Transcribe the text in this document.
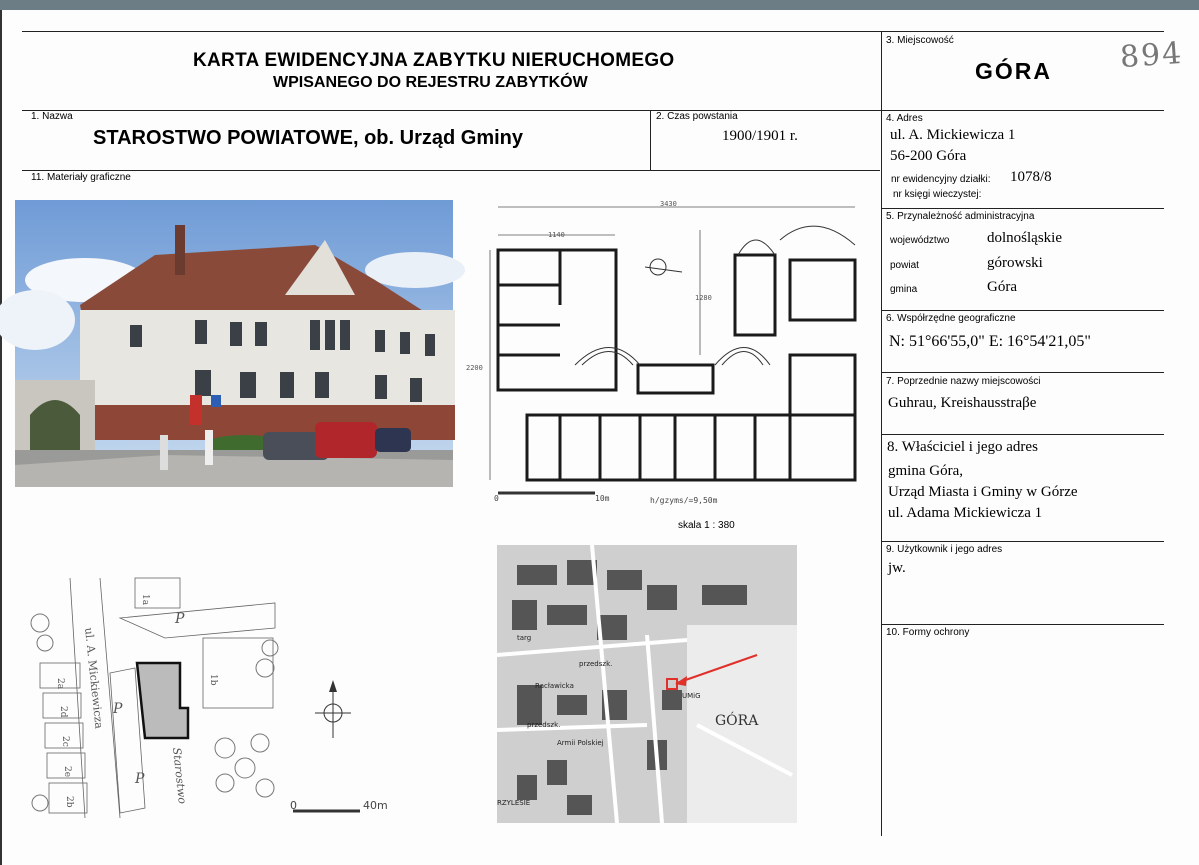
KARTA EWIDENCYJNA ZABYTKU NIERUCHOMEGO
WPISANEGO DO REJESTRU ZABYTKÓW
3. Miejscowość
GÓRA 894
1. Nazwa
STAROSTWO POWIATOWE, ob. Urząd Gminy
2. Czas powstania
1900/1901 r.
11. Materiały graficzne
4. Adres
ul. A. Mickiewicza 1
56-200 Góra
nr ewidencyjny działki: 1078/8
nr księgi wieczystej:
5. Przynależność administracyjna
województwo	dolnośląskie
powiat	górowski
gmina	Góra
6. Współrzędne geograficzne
N: 51°66'55,0" E: 16°54'21,05"
7. Poprzednie nazwy miejscowości
Guhrau, Kreishausstraβe
8. Właściciel i jego adres
gmina Góra,
Urząd Miasta i Gminy w Górze
ul. Adama Mickiewicza 1
9. Użytkownik i jego adres
jw.
10. Formy ochrony
3430
1140
1280
2200
0	10m	h/gzyms/=9,50m
skala 1 : 380
P
P
P
ul. A. Mickiewicza
Starostwo
2a
2d
2c
2e
2b
1a
1b
0	40m
GÓRA
targ
przedszk.
Racławicka
UMiG
przedszk.
Armii Polskiej
RZYLESIE
